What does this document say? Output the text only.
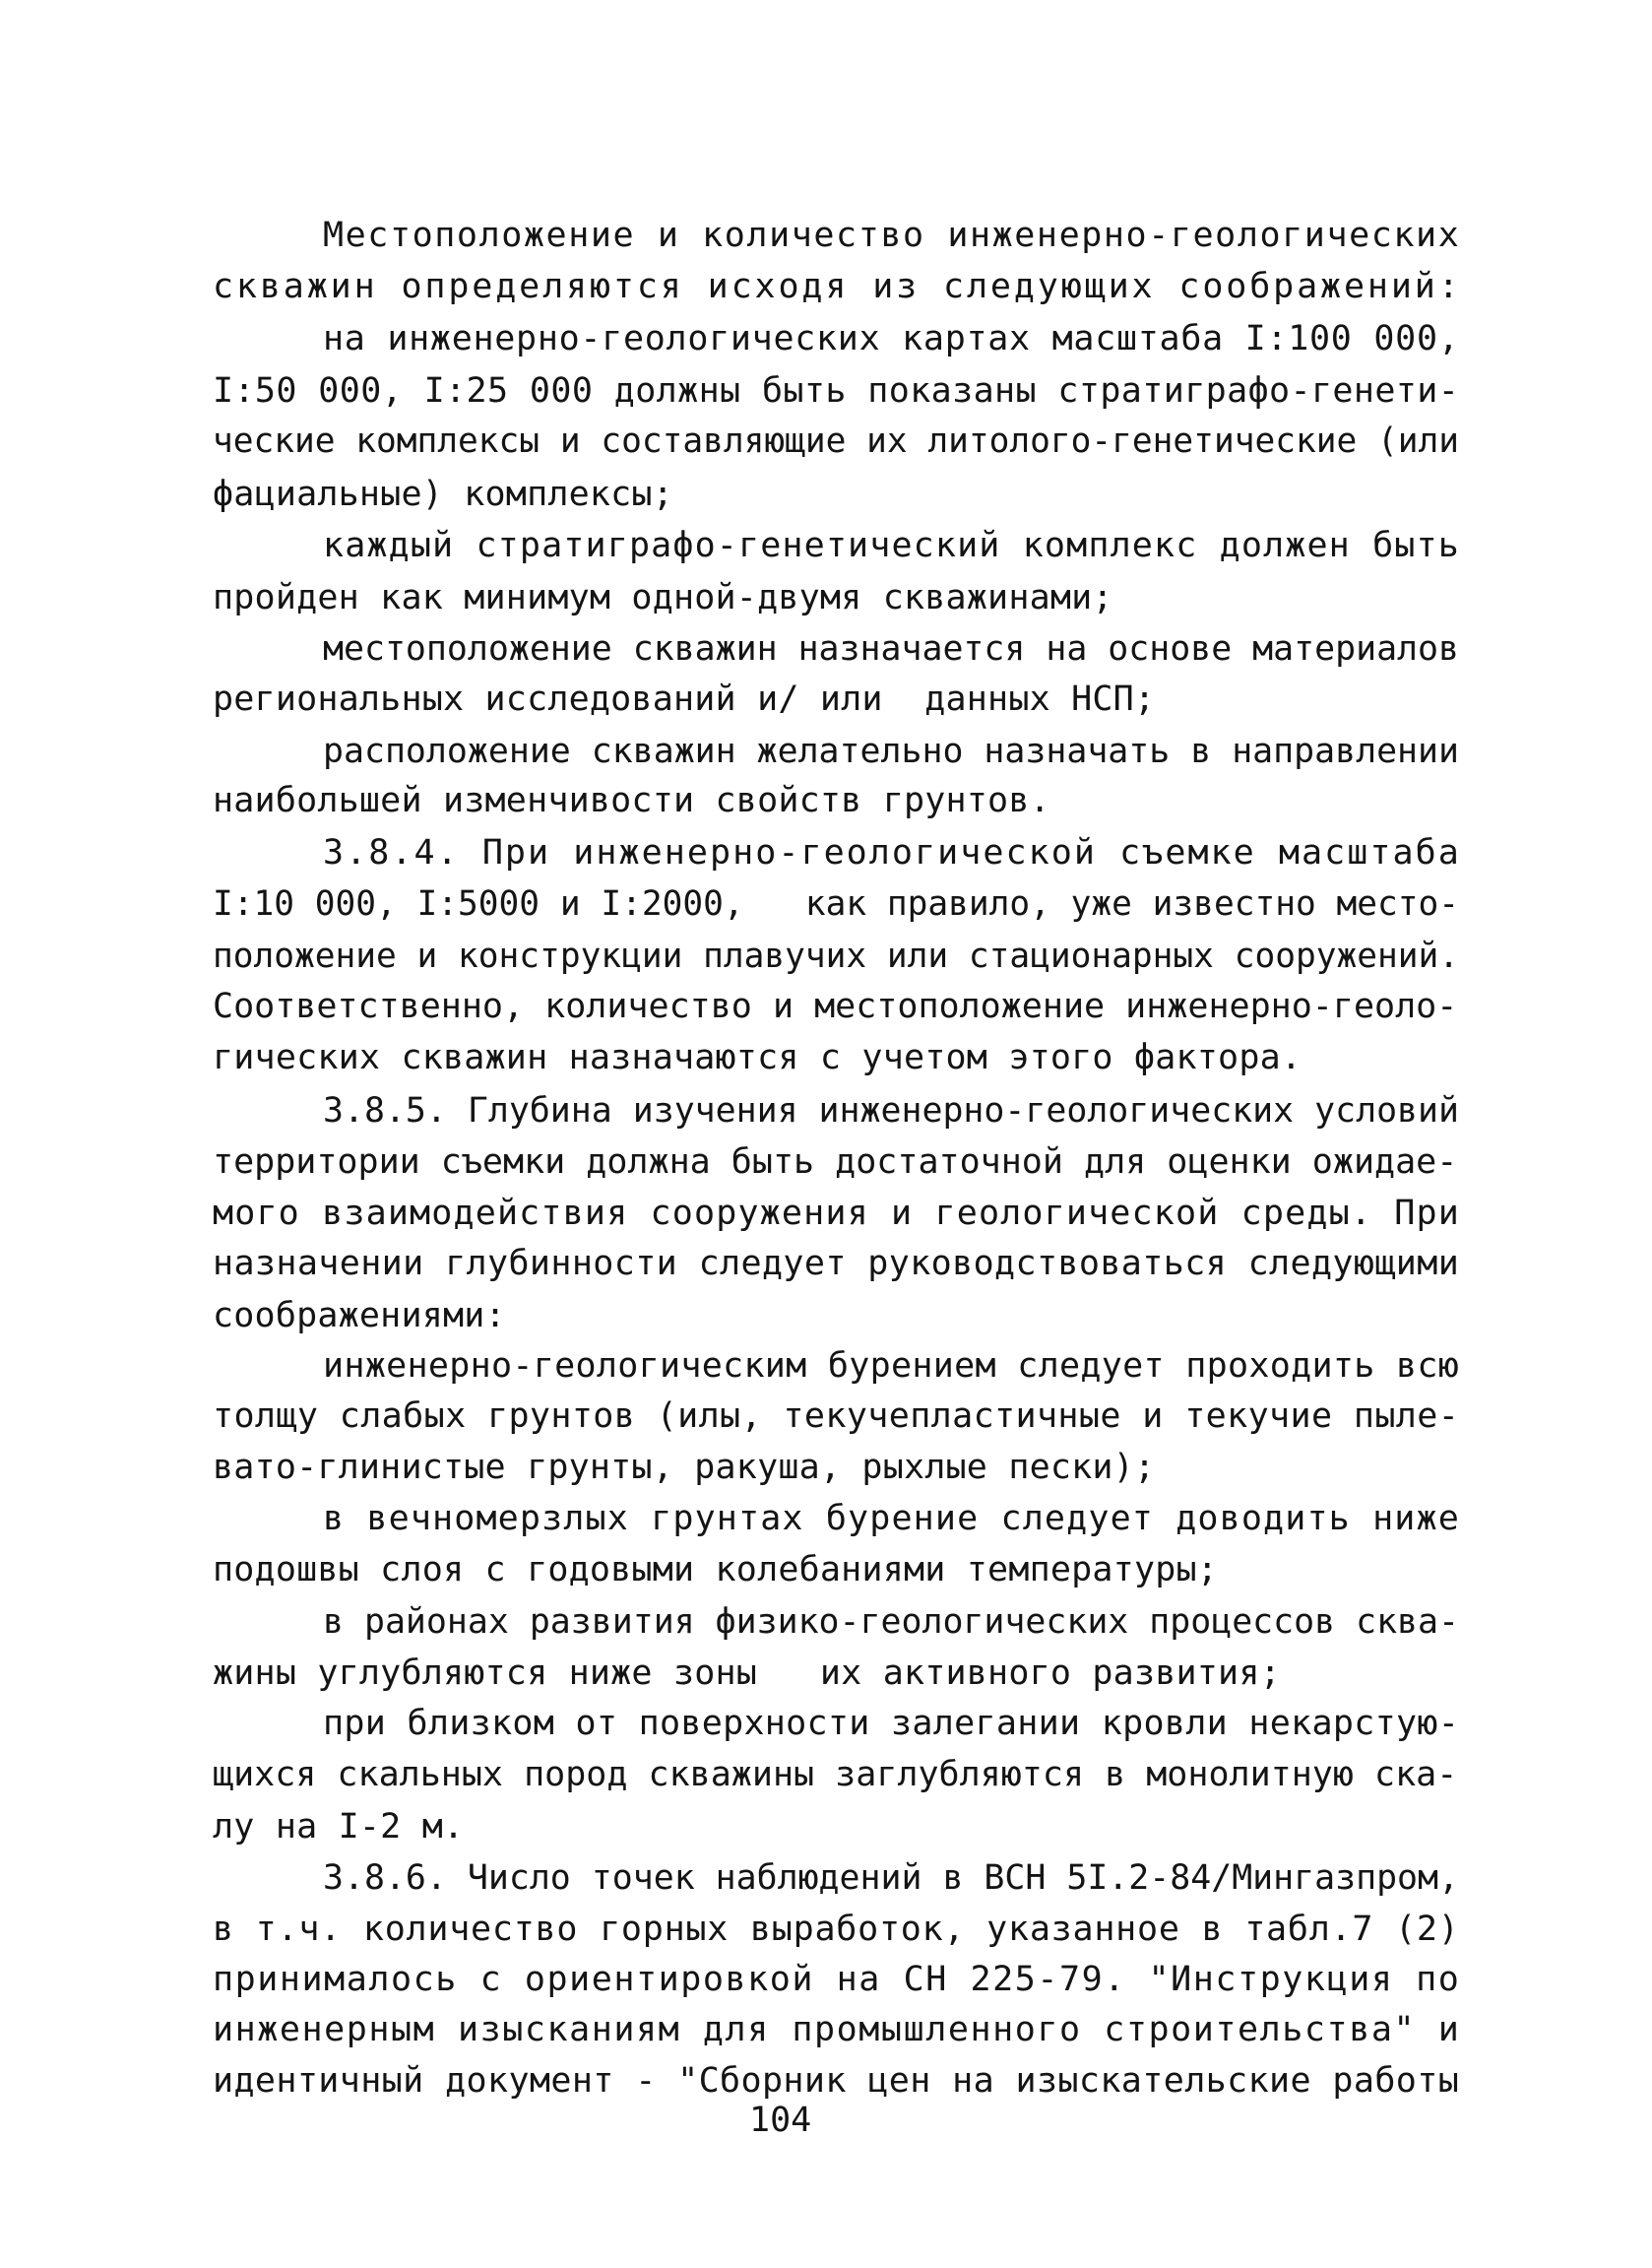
Местоположение и количество инженерно-геологических
скважин определяются исходя из следующих соображений:
на инженерно-геологических картах масштаба I:100 000,
I:50 000, I:25 000 должны быть показаны стратиграфо-генети-
ческие комплексы и составляющие их литолого-генетические (или
фациальные) комплексы;
каждый стратиграфо-генетический комплекс должен быть
пройден как минимум одной-двумя скважинами;
местоположение скважин назначается на основе материалов
региональных исследований и/ или  данных НСП;
расположение скважин желательно назначать в направлении
наибольшей изменчивости свойств грунтов.
3.8.4. При инженерно-геологической съемке масштаба
I:10 000, I:5000 и I:2000,   как правило, уже известно место-
положение и конструкции плавучих или стационарных сооружений.
Соответственно, количество и местоположение инженерно-геоло-
гических скважин назначаются с учетом этого фактора.
3.8.5. Глубина изучения инженерно-геологических условий
территории съемки должна быть достаточной для оценки ожидае-
мого взаимодействия сооружения и геологической среды. При
назначении глубинности следует руководствоваться следующими
соображениями:
инженерно-геологическим бурением следует проходить всю
толщу слабых грунтов (илы, текучепластичные и текучие пыле-
вато-глинистые грунты, ракуша, рыхлые пески);
в вечномерзлых грунтах бурение следует доводить ниже
подошвы слоя с годовыми колебаниями температуры;
в районах развития физико-геологических процессов сква-
жины углубляются ниже зоны   их активного развития;
при близком от поверхности залегании кровли некарстую-
щихся скальных пород скважины заглубляются в монолитную ска-
лу на I-2 м.
3.8.6. Число точек наблюдений в ВСН 5I.2-84/Мингазпром,
в т.ч. количество горных выработок, указанное в табл.7 (2)
принималось с ориентировкой на СН 225-79. "Инструкция по
инженерным изысканиям для промышленного строительства" и
идентичный документ - "Сборник цен на изыскательские работы
104
